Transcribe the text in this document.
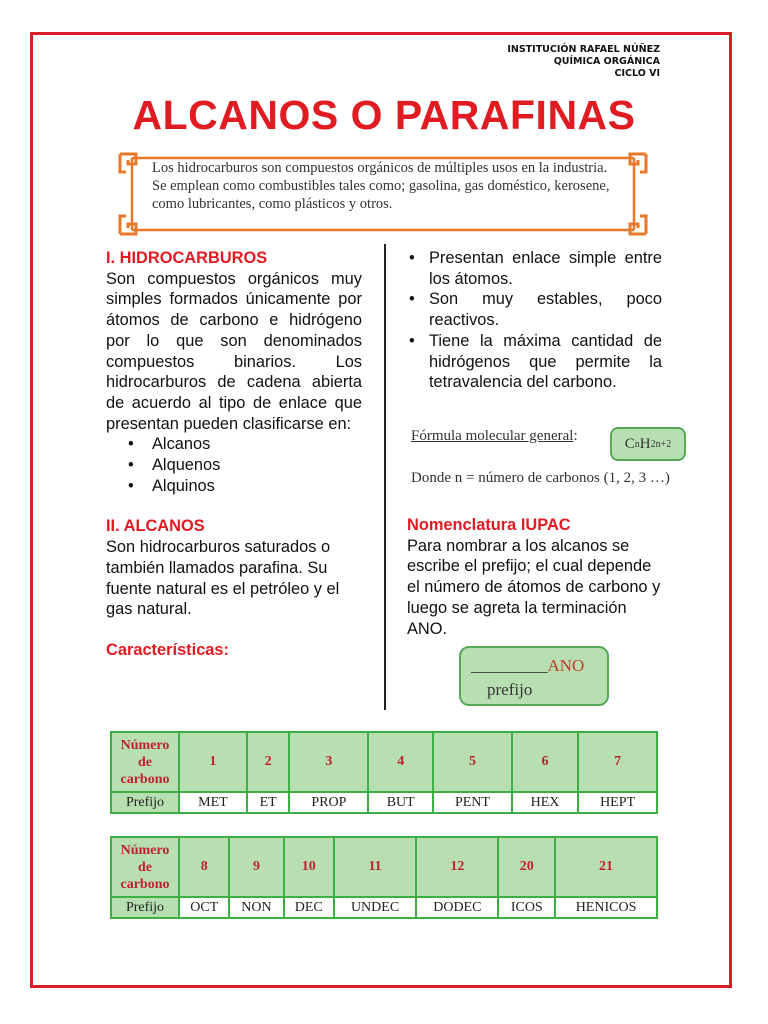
INSTITUCIÓN RAFAEL NÚÑEZ
QUÍMICA ORGÁNICA
CICLO VI
ALCANOS O PARAFINAS
Los hidrocarburos son compuestos orgánicos de múltiples usos en la industria.
Se emplean como combustibles tales como; gasolina, gas doméstico, kerosene, como lubricantes, como plásticos y otros.
I. HIDROCARBUROS
Son compuestos orgánicos muy simples formados únicamente por átomos de carbono e hidrógeno por lo que son denominados compuestos binarios. Los hidrocarburos de cadena abierta de acuerdo al tipo de enlace que presentan pueden clasificarse en:
• Alcanos
• Alquenos
• Alquinos
II. ALCANOS
Son hidrocarburos saturados o también llamados parafina. Su fuente natural es el petróleo y el gas natural.
Características:
• Presentan enlace simple entre los átomos.
• Son muy estables, poco reactivos.
• Tiene la máxima cantidad de hidrógenos que permite la tetravalencia del carbono.
Fórmula molecular general:	C n H 2n+2
Donde n = número de carbonos (1, 2, 3 …)
Nomenclatura IUPAC
Para nombrar a los alcanos se escribe el prefijo; el cual depende el número de átomos de carbono y luego se agreta la terminación ANO.
_________ANO
prefijo
Número
de
carbono	1	2	3	4	5	6	7
Prefijo	MET	ET	PROP	BUT	PENT	HEX	HEPT
Número
de
carbono	8	9	10	11	12	20	21
Prefijo	OCT	NON	DEC	UNDEC	DODEC	ICOS	HENICOS
